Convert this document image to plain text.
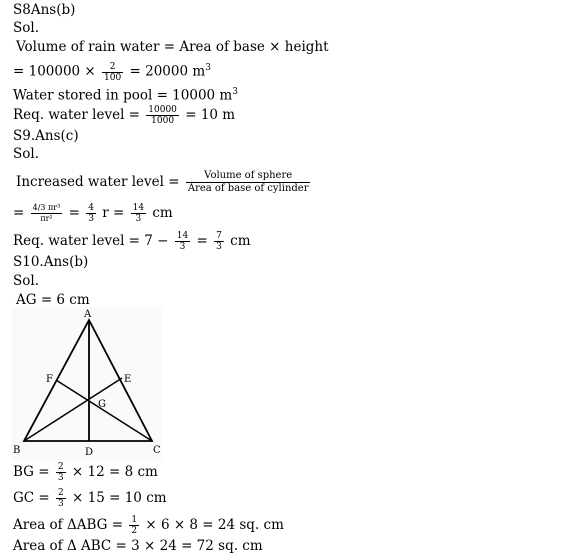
S8Ans(b)
Sol.
Volume of rain water = Area of base × height
= $100000 \times \frac{2}{100} = 20000$ $m^3$
Water stored in pool = 10000 $m^3$
Req. water level = $\frac{10000}{1000} = 10$ m
S9.Ans(c)
Sol.
Increased water level = $\frac{\text{Volume of sphere}}{\text{Area of base of cylinder}}$
= $\frac{\text{4/3 πr³}}{\text{πr²}} = \frac{4}{3}$ $r = \frac{14}{3}$ cm
Req. water level = $7 - \frac{14}{3} = \frac{7}{3}$ cm
S10.Ans(b)
Sol.
AG = 6 cm
A
B	C
D
E
F
G
BG = $\frac{2}{3} \times 12 = 8$ cm
GC = $\frac{2}{3} \times 15 = 10$ cm
Area of $\Delta ABG = \frac{1}{2} \times 6 \times 8 = 24$ sq. cm
Area of Δ ABC = 3 × 24 = 72 sq. cm
